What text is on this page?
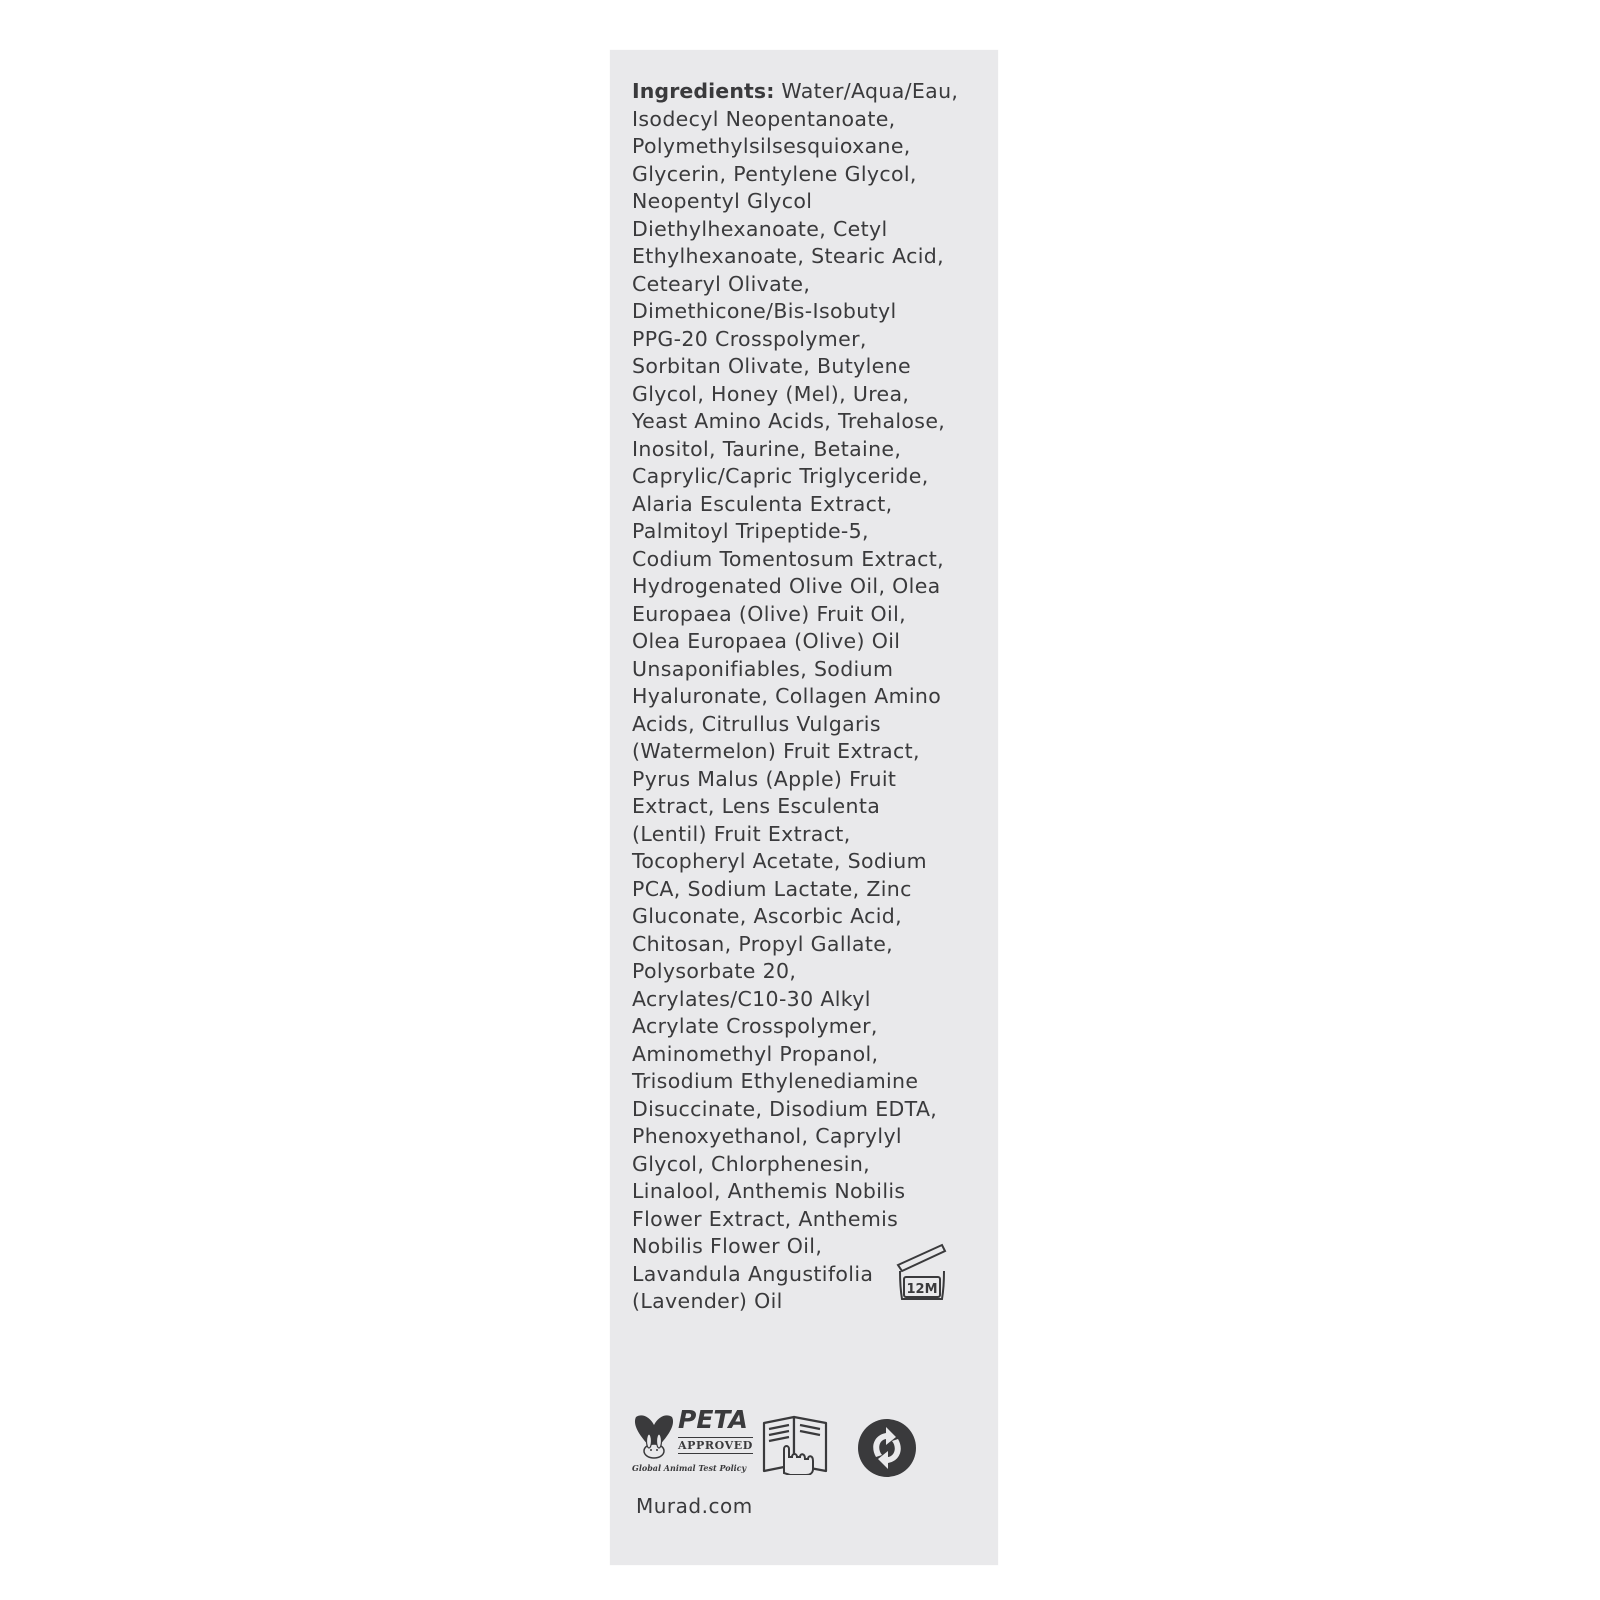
Ingredients: Water/Aqua/Eau,
Isodecyl Neopentanoate,
Polymethylsilsesquioxane,
Glycerin, Pentylene Glycol,
Neopentyl Glycol
Diethylhexanoate, Cetyl
Ethylhexanoate, Stearic Acid,
Cetearyl Olivate,
Dimethicone/Bis-Isobutyl
PPG-20 Crosspolymer,
Sorbitan Olivate, Butylene
Glycol, Honey (Mel), Urea,
Yeast Amino Acids, Trehalose,
Inositol, Taurine, Betaine,
Caprylic/Capric Triglyceride,
Alaria Esculenta Extract,
Palmitoyl Tripeptide-5,
Codium Tomentosum Extract,
Hydrogenated Olive Oil, Olea
Europaea (Olive) Fruit Oil,
Olea Europaea (Olive) Oil
Unsaponifiables, Sodium
Hyaluronate, Collagen Amino
Acids, Citrullus Vulgaris
(Watermelon) Fruit Extract,
Pyrus Malus (Apple) Fruit
Extract, Lens Esculenta
(Lentil) Fruit Extract,
Tocopheryl Acetate, Sodium
PCA, Sodium Lactate, Zinc
Gluconate, Ascorbic Acid,
Chitosan, Propyl Gallate,
Polysorbate 20,
Acrylates/C10-30 Alkyl
Acrylate Crosspolymer,
Aminomethyl Propanol,
Trisodium Ethylenediamine
Disuccinate, Disodium EDTA,
Phenoxyethanol, Caprylyl
Glycol, Chlorphenesin,
Linalool, Anthemis Nobilis
Flower Extract, Anthemis
Nobilis Flower Oil,
Lavandula Angustifolia
(Lavender) Oil	12M
PETA
APPROVED
Global Animal Test Policy
Murad.com
